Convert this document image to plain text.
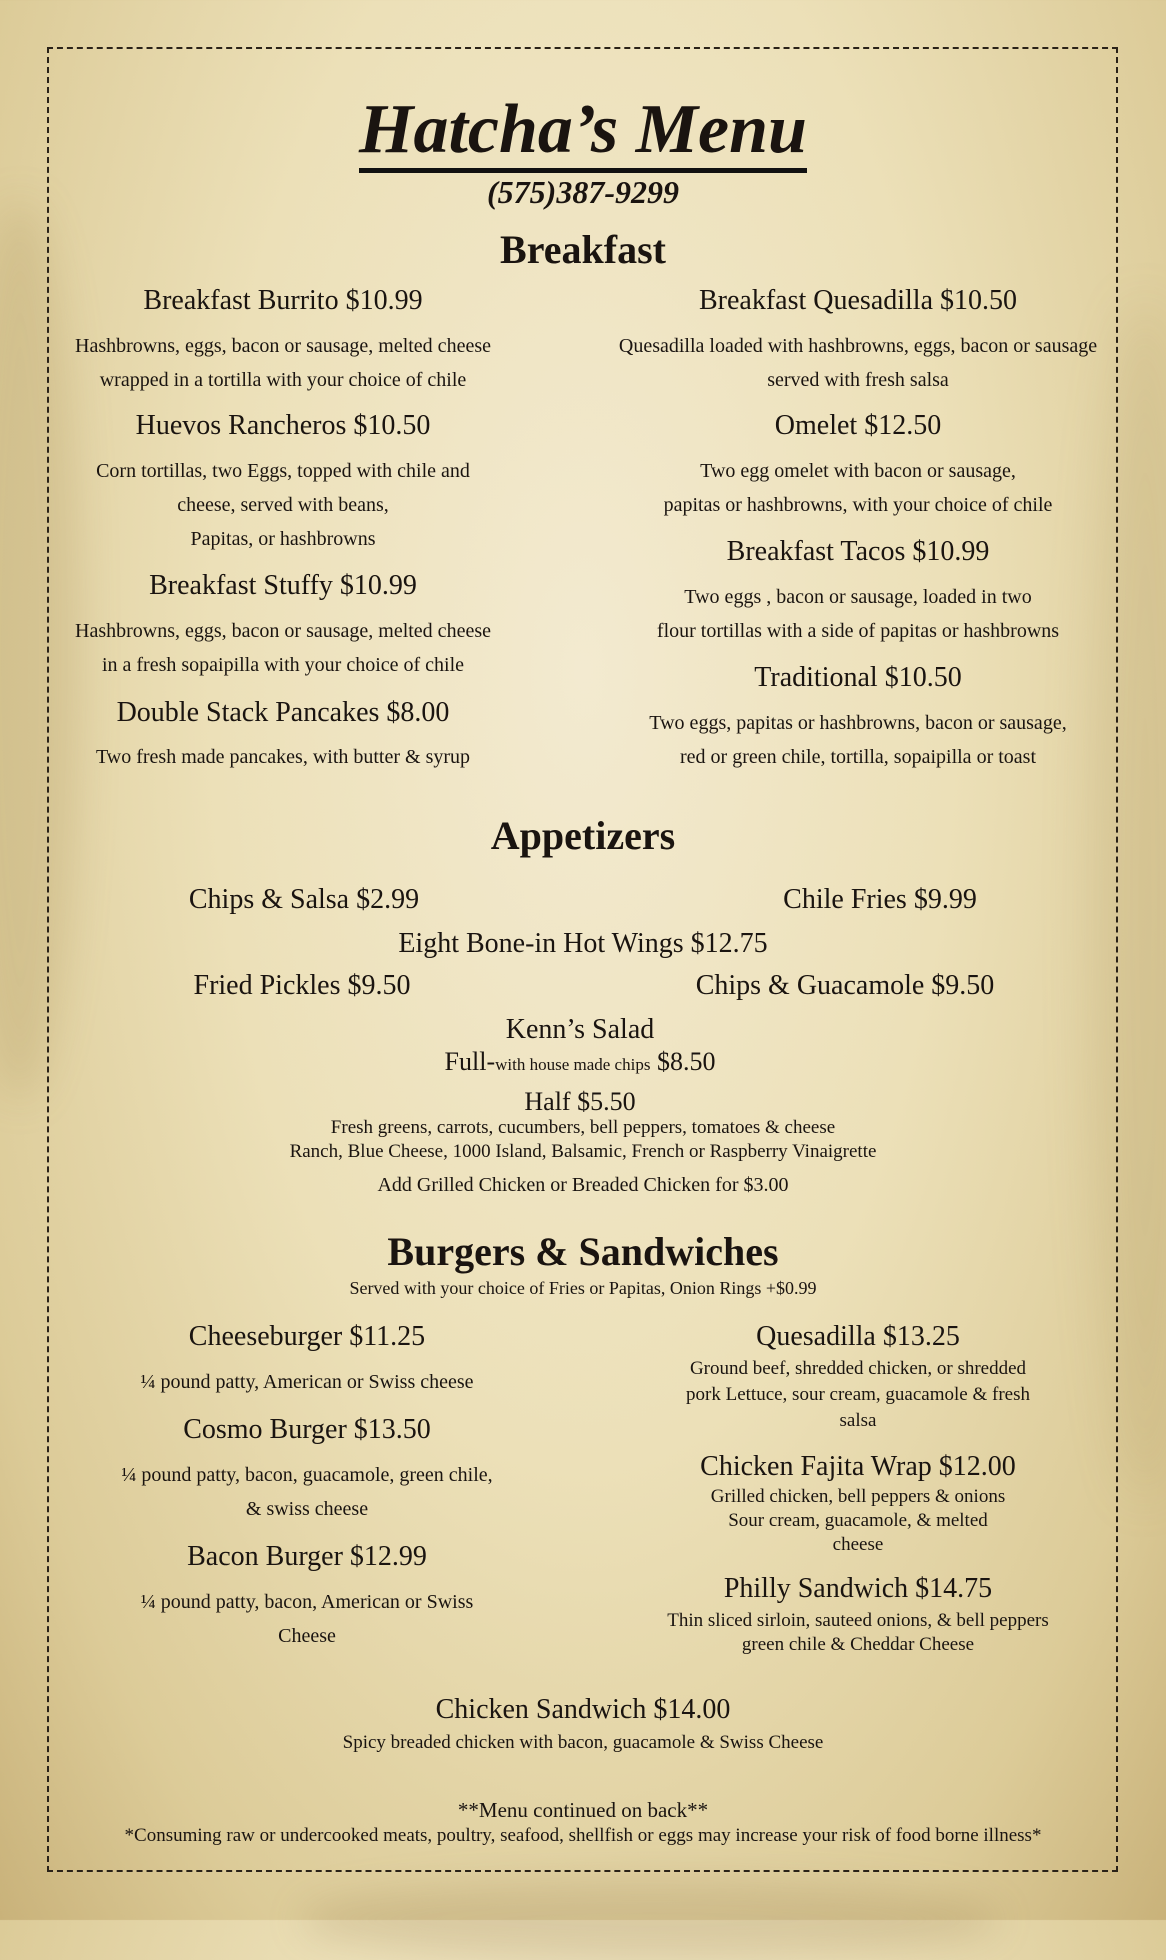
Hatcha’s Menu
(575)387-9299
Breakfast
Breakfast Burrito $10.99
Hashbrowns, eggs, bacon or sausage, melted cheese
wrapped in a tortilla with your choice of chile
Breakfast Quesadilla $10.50
Quesadilla loaded with hashbrowns, eggs, bacon or sausage
served with fresh salsa
Huevos Rancheros $10.50
Corn tortillas, two Eggs, topped with chile and
cheese, served with beans,
Papitas, or hashbrowns
Omelet $12.50
Two egg omelet with bacon or sausage,
papitas or hashbrowns, with your choice of chile
Breakfast Tacos $10.99
Two eggs , bacon or sausage, loaded in two
flour tortillas with a side of papitas or hashbrowns
Breakfast Stuffy $10.99
Hashbrowns, eggs, bacon or sausage, melted cheese
in a fresh sopaipilla with your choice of chile	Traditional $10.50
Two eggs, papitas or hashbrowns, bacon or sausage,
red or green chile, tortilla, sopaipilla or toast
Double Stack Pancakes $8.00
Two fresh made pancakes, with butter & syrup
Appetizers
Chips & Salsa $2.99	Chile Fries $9.99
Eight Bone-in Hot Wings $12.75
Fried Pickles $9.50	Chips & Guacamole $9.50
Kenn’s Salad
Full-with house made chips $8.50
Half $5.50
Fresh greens, carrots, cucumbers, bell peppers, tomatoes & cheese
Ranch, Blue Cheese, 1000 Island, Balsamic, French or Raspberry Vinaigrette
Add Grilled Chicken or Breaded Chicken for $3.00
Burgers & Sandwiches
Served with your choice of Fries or Papitas, Onion Rings +$0.99
Cheeseburger $11.25
¼ pound patty, American or Swiss cheese
Cosmo Burger $13.50
¼ pound patty, bacon, guacamole, green chile,
& swiss cheese
Bacon Burger $12.99
¼ pound patty, bacon, American or Swiss
Cheese
Quesadilla $13.25
Ground beef, shredded chicken, or shredded
pork Lettuce, sour cream, guacamole & fresh
salsa
Chicken Fajita Wrap $12.00
Grilled chicken, bell peppers & onions
Sour cream, guacamole, & melted
cheese
Philly Sandwich $14.75
Thin sliced sirloin, sauteed onions, & bell peppers
green chile & Cheddar Cheese
Chicken Sandwich $14.00
Spicy breaded chicken with bacon, guacamole & Swiss Cheese
**Menu continued on back**
*Consuming raw or undercooked meats, poultry, seafood, shellfish or eggs may increase your risk of food borne illness*
